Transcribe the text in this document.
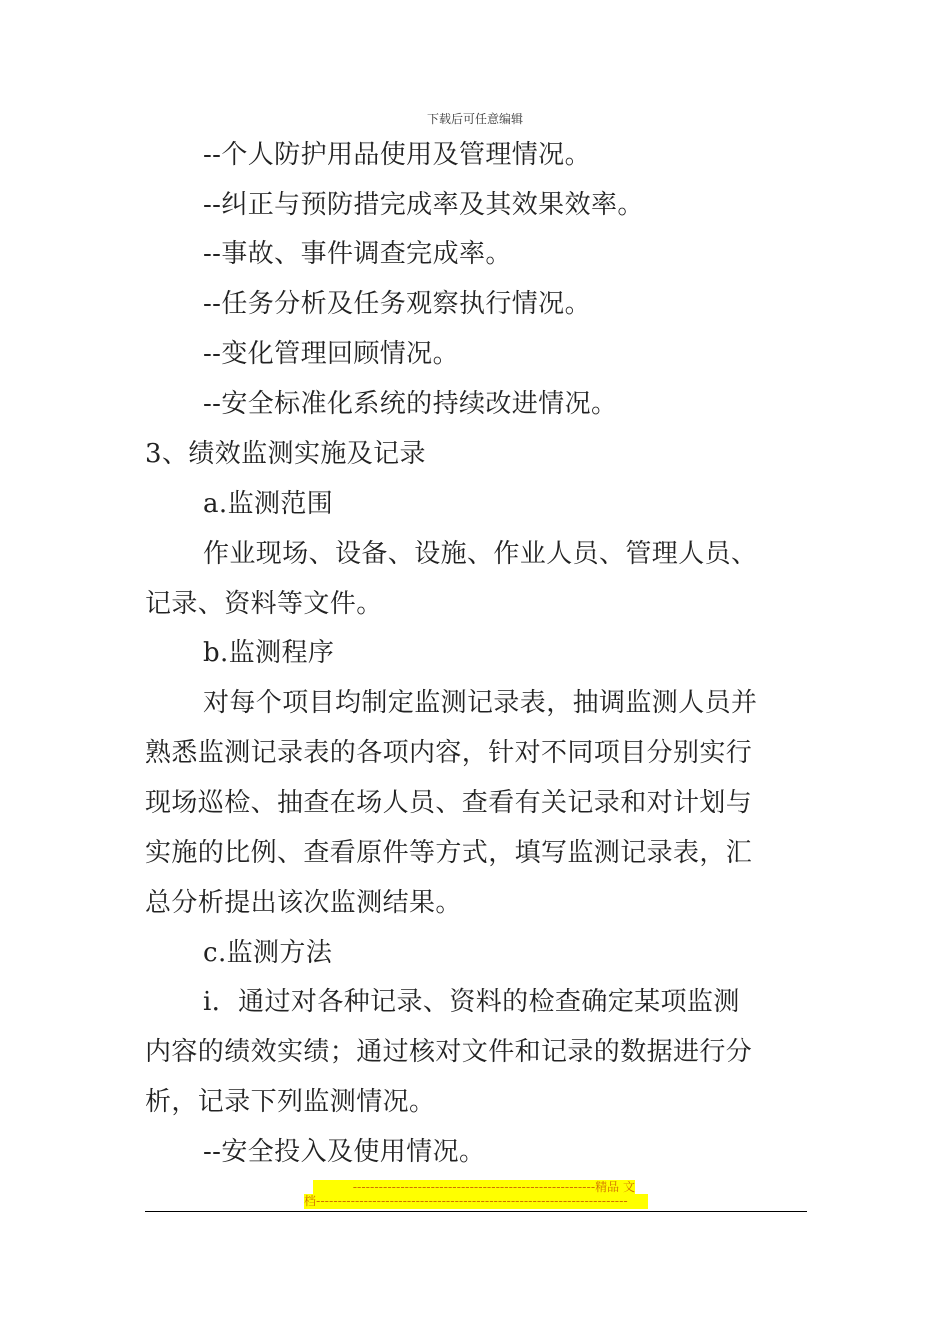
下载后可任意编辑
--个人防护用品使用及管理情况。
--纠正与预防措完成率及其效果效率。
--事故、事件调查完成率。
--任务分析及任务观察执行情况。
--变化管理回顾情况。
--安全标准化系统的持续改进情况。
3、绩效监测实施及记录
a.监测范围
作业现场、设备、设施、作业人员、管理人员、
记录、资料等文件。
b.监测程序
对每个项目均制定监测记录表，抽调监测人员并
熟悉监测记录表的各项内容，针对不同项目分别实行
现场巡检、抽查在场人员、查看有关记录和对计划与
实施的比例、查看原件等方式，填写监测记录表，汇
总分析提出该次监测结果。
c.监测方法
i．通过对各种记录、资料的检查确定某项监测
内容的绩效实绩；通过核对文件和记录的数据进行分
析，记录下列监测情况。
--安全投入及使用情况。
--------------------------------------------------------精品 文
档------------------------------------------------------------------------
